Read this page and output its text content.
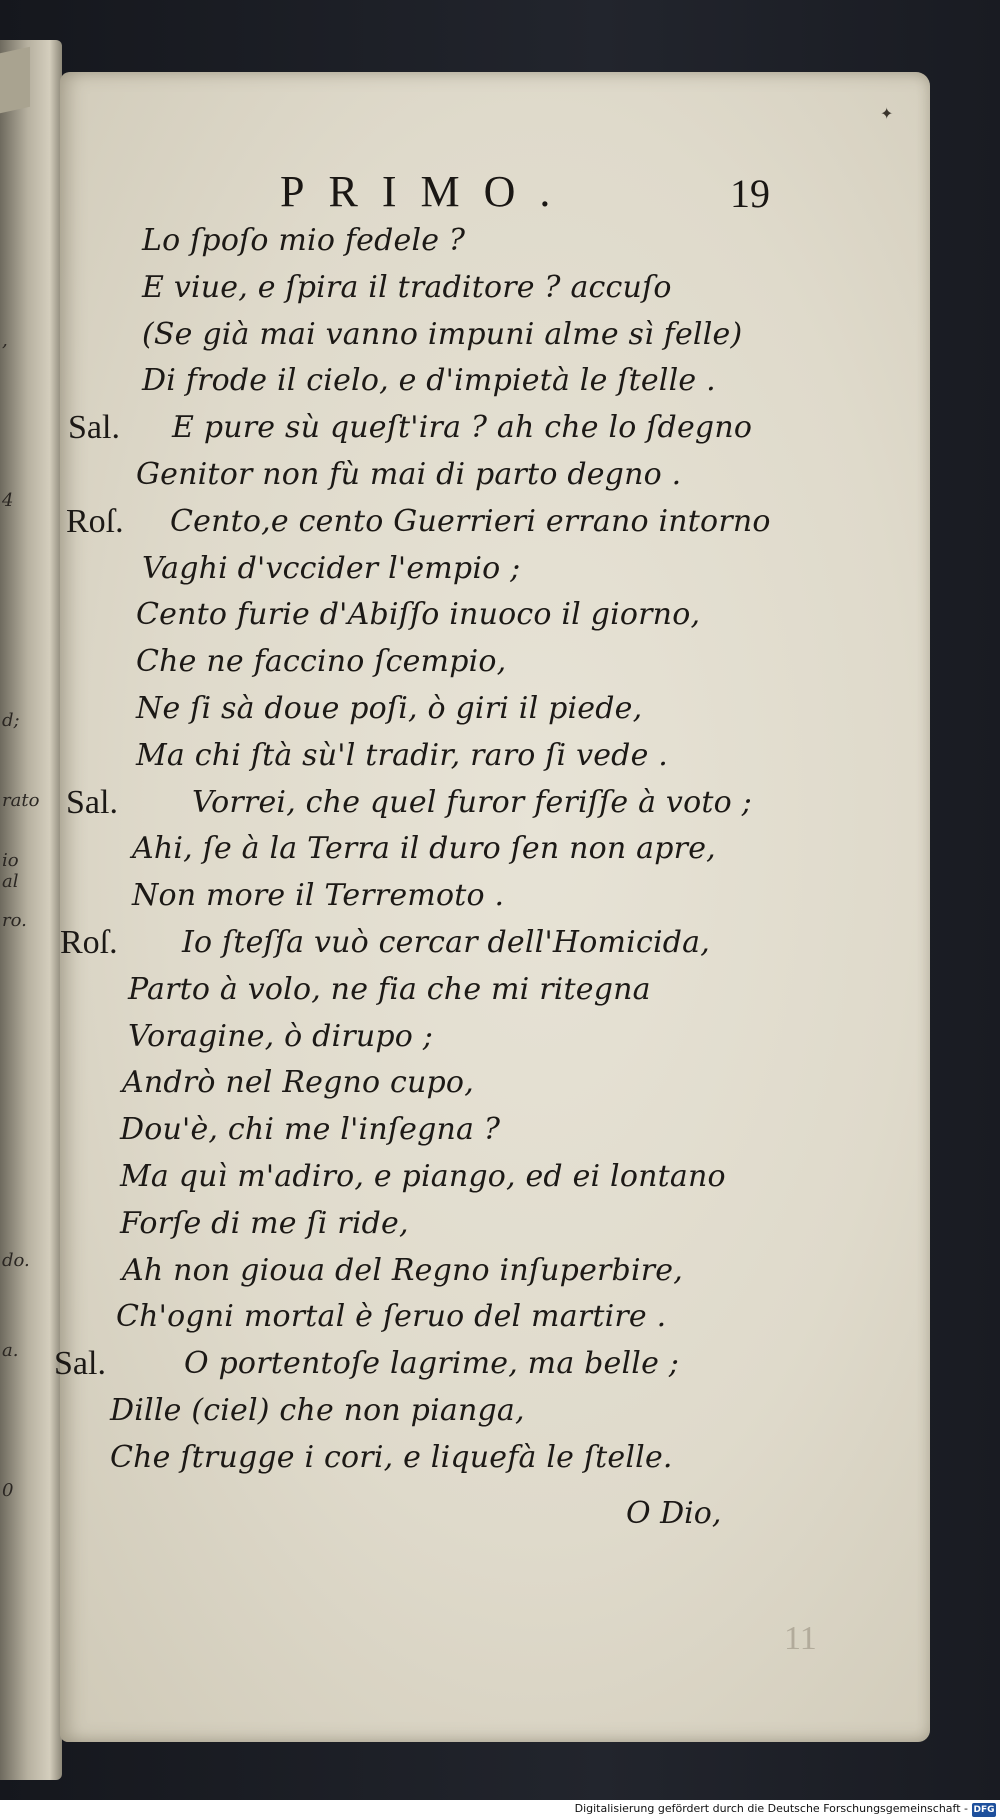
,
4
d;
rato
io al
ro.
do.
a.
0
✦
PRIMO.	19
Lo ſpoſo mio fedele ?
E viue, e ſpira il traditore ? accuſo
(Se già mai vanno impuni alme sì felle)
Di frode il cielo, e d'impietà le ſtelle .
Sal. E pure sù queſt'ira ? ah che lo ſdegno
Genitor non fù mai di parto degno .
Roſ. Cento,e cento Guerrieri errano intorno
Vaghi d'vccider l'empio ;
Cento furie d'Abiſſo inuoco il giorno,
Che ne faccino ſcempio,
Ne ſi sà doue poſi, ò giri il piede,
Ma chi ſtà sù'l tradir, raro ſi vede .
Sal. Vorrei, che quel furor feriſſe à voto ;
Ahi, ſe à la Terra il duro ſen non apre,
Non more il Terremoto .
Roſ. Io ſteſſa vuò cercar dell'Homicida,
Parto à volo, ne fia che mi ritegna
Voragine, ò dirupo ;
Andrò nel Regno cupo,
Dou'è, chi me l'inſegna ?
Ma quì m'adiro, e piango, ed ei lontano
Forſe di me ſi ride,
Ah non gioua del Regno inſuperbire,
Ch'ogni mortal è ſeruo del martire .
Sal.	O portentoſe lagrime, ma belle ;
Dille (ciel) che non pianga,
Che ſtrugge i cori, e liquefà le ſtelle.
O Dio,
11
Digitalisierung gefördert durch die Deutsche Forschungsgemeinschaft - DFG
